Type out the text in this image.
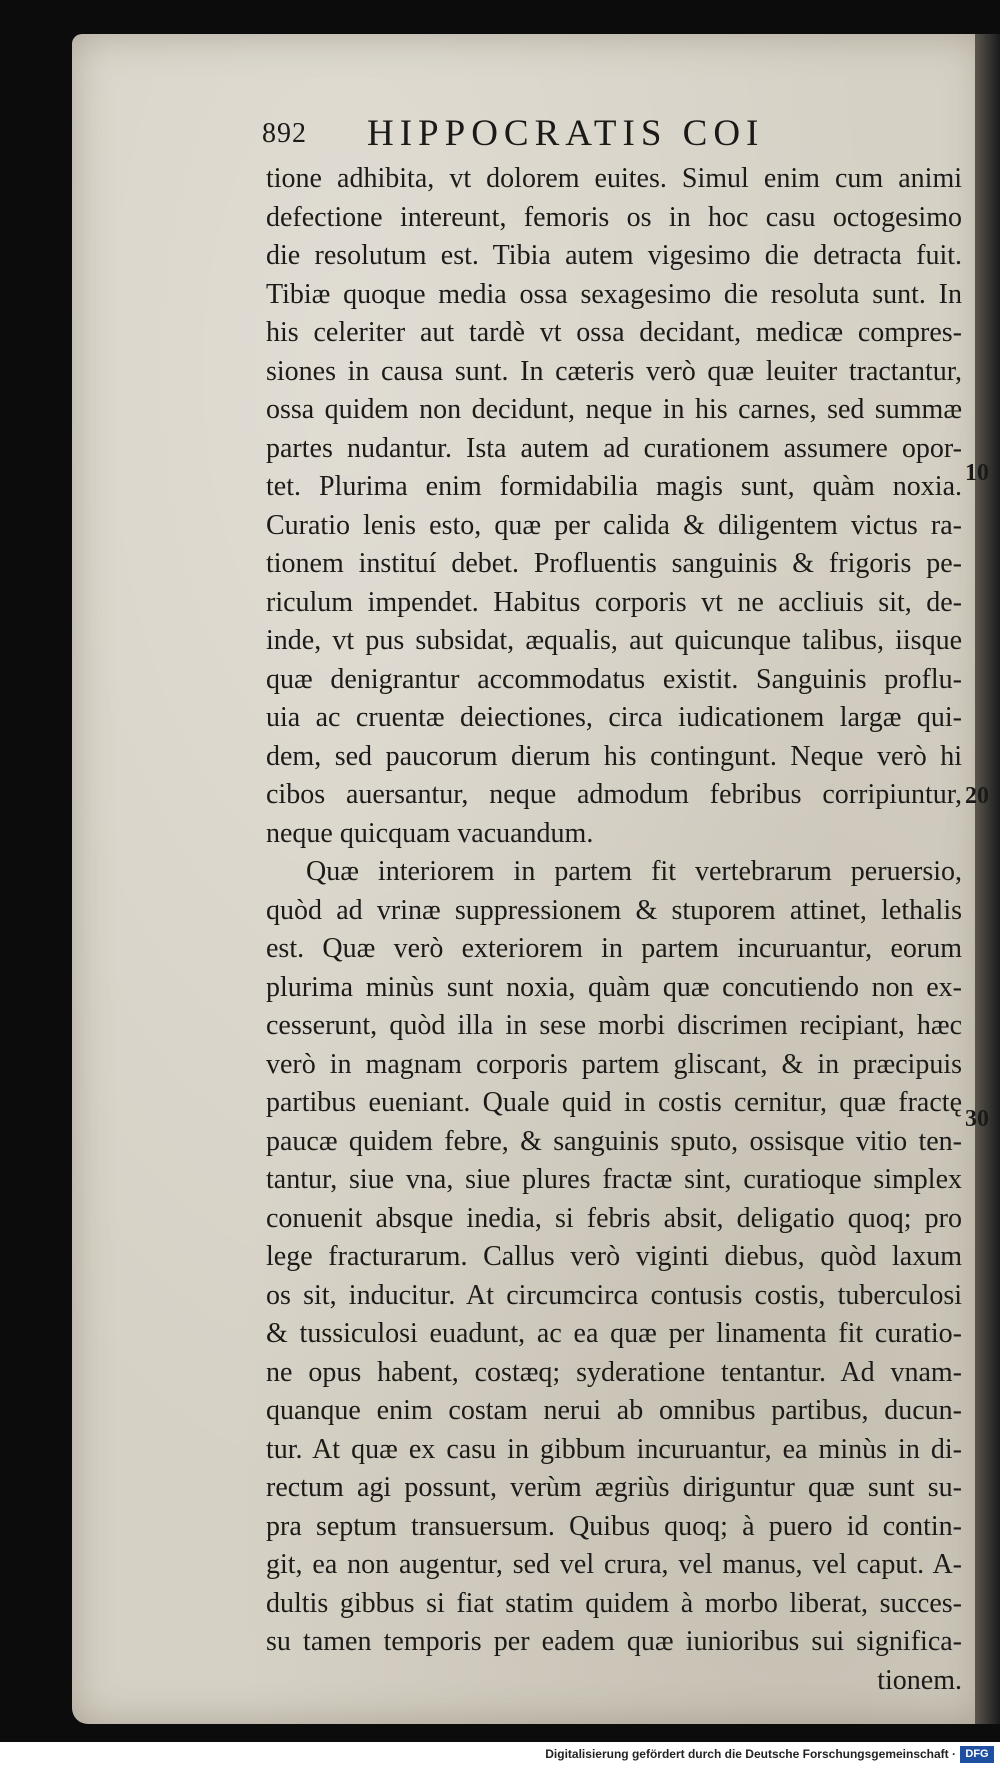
892 HIPPOCRATIS COI
tione adhibita, vt dolorem euites. Simul enim cum animi
defectione intereunt, femoris os in hoc casu octogesimo
die resolutum est. Tibia autem vigesimo die detracta fuit.
Tibiæ quoque media ossa sexagesimo die resoluta sunt. In
his celeriter aut tardè vt ossa decidant, medicæ compres-
siones in causa sunt. In cæteris verò quæ leuiter tractantur,
ossa quidem non decidunt, neque in his carnes, sed summæ
partes nudantur. Ista autem ad curationem assumere opor-
tet. Plurima enim formidabilia magis sunt, quàm noxia.
Curatio lenis esto, quæ per calida & diligentem victus ra-
tionem instituí debet. Profluentis sanguinis & frigoris pe-
riculum impendet. Habitus corporis vt ne accliuis sit, de-
inde, vt pus subsidat, æqualis, aut quicunque talibus, iisque
quæ denigrantur accommodatus existit. Sanguinis proflu-
uia ac cruentæ deiectiones, circa iudicationem largæ qui-
dem, sed paucorum dierum his contingunt. Neque verò hi
cibos auersantur, neque admodum febribus corripiuntur,
neque quicquam vacuandum.
Quæ interiorem in partem fit vertebrarum peruersio,
quòd ad vrinæ suppressionem & stuporem attinet, lethalis
est. Quæ verò exteriorem in partem incuruantur, eorum
plurima minùs sunt noxia, quàm quæ concutiendo non ex-
cesserunt, quòd illa in sese morbi discrimen recipiant, hæc
verò in magnam corporis partem gliscant, & in præcipuis
partibus eueniant. Quale quid in costis cernitur, quæ fractę
paucæ quidem febre, & sanguinis sputo, ossisque vitio ten-
tantur, siue vna, siue plures fractæ sint, curatioque simplex
conuenit absque inedia, si febris absit, deligatio quoq; pro
lege fracturarum. Callus verò viginti diebus, quòd laxum
os sit, inducitur. At circumcirca contusis costis, tuberculosi
& tussiculosi euadunt, ac ea quæ per linamenta fit curatio-
ne opus habent, costæq; syderatione tentantur. Ad vnam-
quanque enim costam nerui ab omnibus partibus, ducun-
tur. At quæ ex casu in gibbum incuruantur, ea minùs in di-
rectum agi possunt, verùm ægriùs diriguntur quæ sunt su-
pra septum transuersum. Quibus quoq; à puero id contin-
git, ea non augentur, sed vel crura, vel manus, vel caput. A-
dultis gibbus si fiat statim quidem à morbo liberat, succes-
su tamen temporis per eadem quæ iunioribus sui significa-
tionem.
10
20
30
Digitalisierung gefördert durch die Deutsche Forschungsgemeinschaft · DFG
